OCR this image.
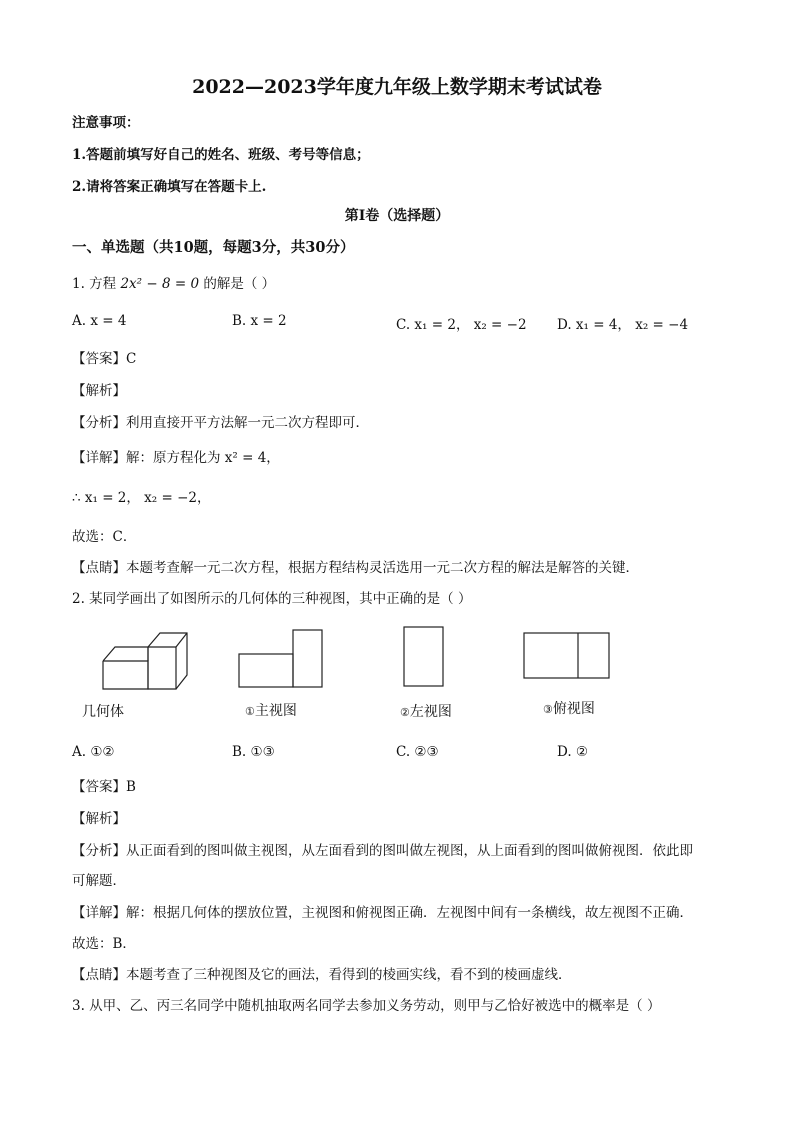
2022—2023学年度九年级上数学期末考试试卷
注意事项：
1.答题前填写好自己的姓名、班级、考号等信息；
2.请将答案正确填写在答题卡上.
第I卷（选择题）
一、单选题（共10题，每题3分，共30分）
1. 方程 2x² − 8 = 0 的解是（ ）
A. x = 4	B. x = 2	C. x₁ = 2， x₂ = −2 D. x₁ = 4， x₂ = −4
【答案】C
【解析】
【分析】利用直接开平方法解一元二次方程即可．
【详解】解：原方程化为 x² = 4，
∴ x₁ = 2， x₂ = −2，
故选：C．
【点睛】本题考查解一元二次方程，根据方程结构灵活选用一元二次方程的解法是解答的关键．
2. 某同学画出了如图所示的几何体的三种视图，其中正确的是（ ）
几何体	①主视图	②左视图	③俯视图
A. ①②	B. ①③	C. ②③	D. ②
【答案】B
【解析】
【分析】从正面看到的图叫做主视图，从左面看到的图叫做左视图，从上面看到的图叫做俯视图．依此即
可解题．
【详解】解：根据几何体的摆放位置，主视图和俯视图正确．左视图中间有一条横线，故左视图不正确．
故选：B．
【点睛】本题考查了三种视图及它的画法，看得到的棱画实线，看不到的棱画虚线．
3. 从甲、乙、丙三名同学中随机抽取两名同学去参加义务劳动，则甲与乙恰好被选中的概率是（ ）
